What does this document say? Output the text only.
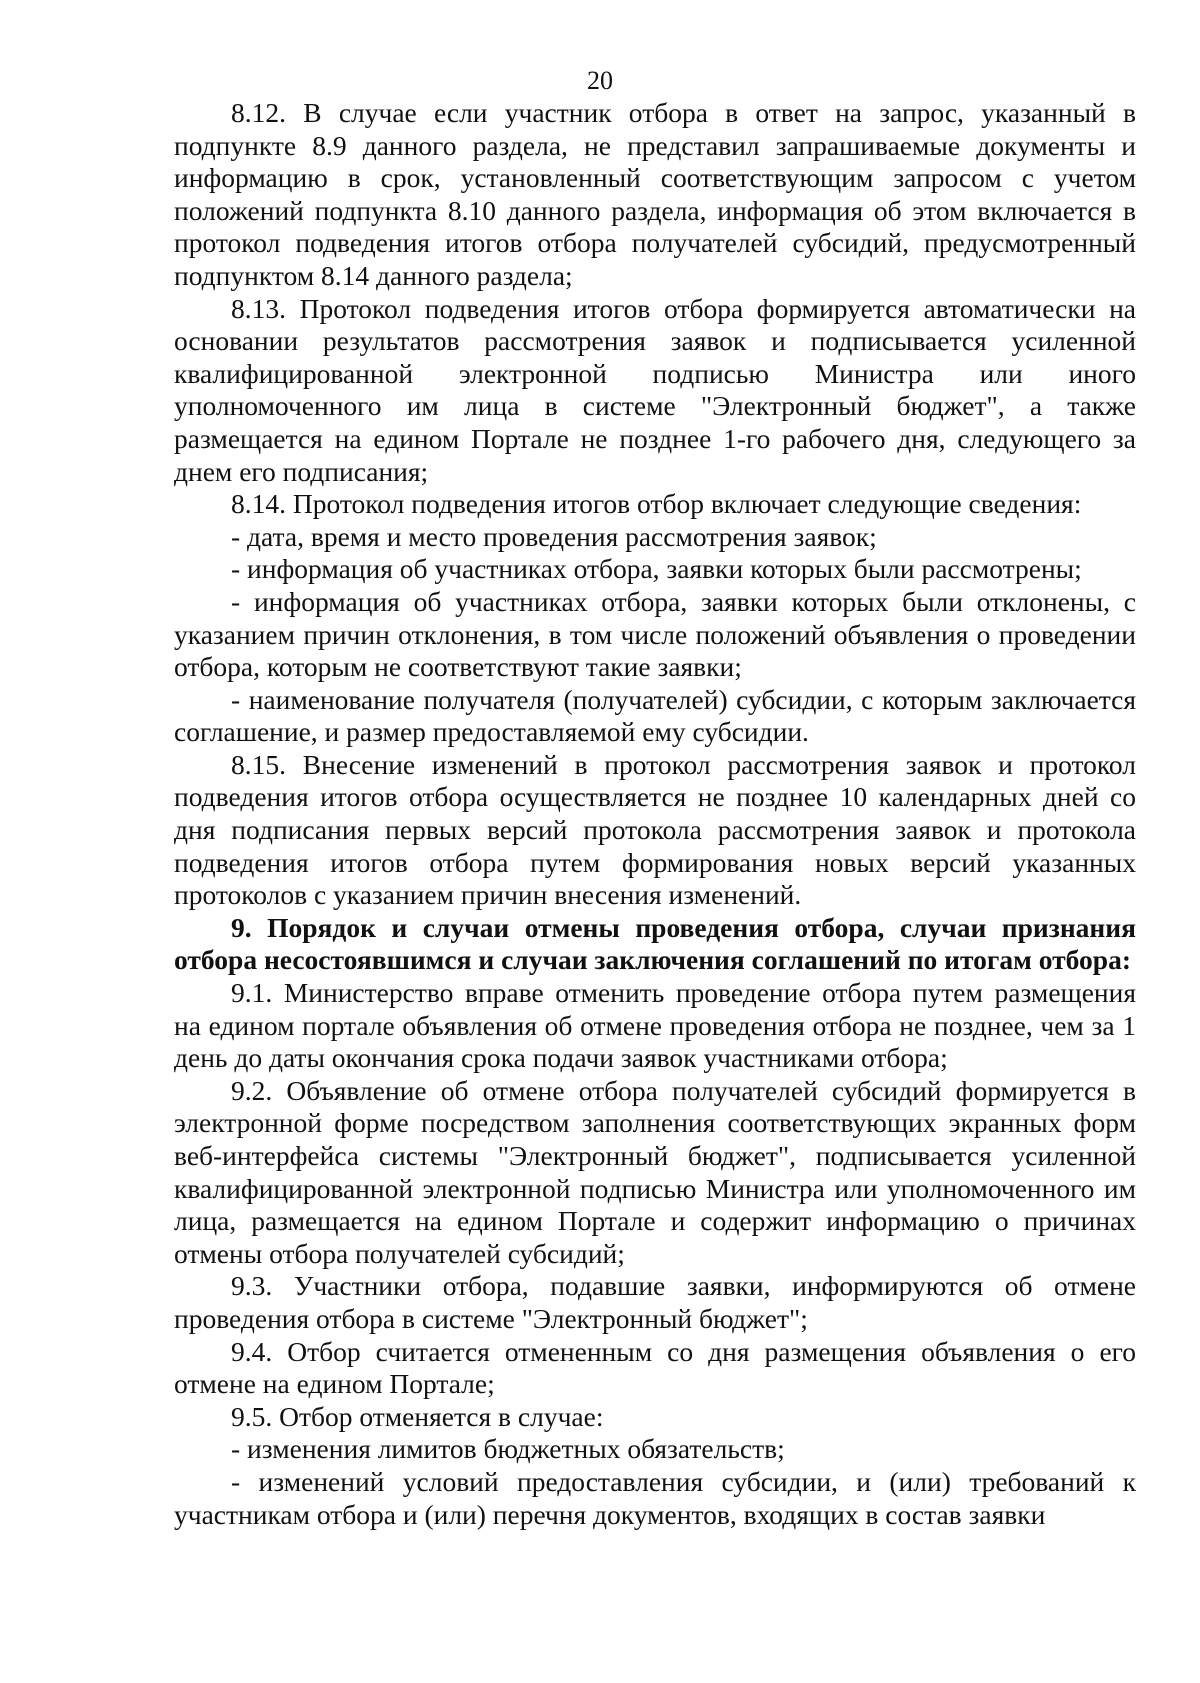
20

8.12. В случае если участник отбора в ответ на запрос, указанный в подпункте 8.9 данного раздела, не представил запрашиваемые документы и информацию в срок, установленный соответствующим запросом с учетом положений подпункта 8.10 данного раздела, информация об этом включается в протокол подведения итогов отбора получателей субсидий, предусмотренный подпунктом 8.14 данного раздела;

8.13. Протокол подведения итогов отбора формируется автоматически на основании результатов рассмотрения заявок и подписывается усиленной квалифицированной электронной подписью Министра или иного уполномоченного им лица в системе "Электронный бюджет", а также размещается на едином Портале не позднее 1-го рабочего дня, следующего за днем его подписания;

8.14. Протокол подведения итогов отбор включает следующие сведения:

- дата, время и место проведения рассмотрения заявок;

- информация об участниках отбора, заявки которых были рассмотрены;

- информация об участниках отбора, заявки которых были отклонены, с указанием причин отклонения, в том числе положений объявления о проведении отбора, которым не соответствуют такие заявки;

- наименование получателя (получателей) субсидии, с которым заключается соглашение, и размер предоставляемой ему субсидии.

8.15. Внесение изменений в протокол рассмотрения заявок и протокол подведения итогов отбора осуществляется не позднее 10 календарных дней со дня подписания первых версий протокола рассмотрения заявок и протокола подведения итогов отбора путем формирования новых версий указанных протоколов с указанием причин внесения изменений.

9. Порядок и случаи отмены проведения отбора, случаи признания отбора несостоявшимся и случаи заключения соглашений по итогам отбора:

9.1. Министерство вправе отменить проведение отбора путем размещения на едином портале объявления об отмене проведения отбора не позднее, чем за 1 день до даты окончания срока подачи заявок участниками отбора;

9.2. Объявление об отмене отбора получателей субсидий формируется в электронной форме посредством заполнения соответствующих экранных форм веб-интерфейса системы "Электронный бюджет", подписывается усиленной квалифицированной электронной подписью Министра или уполномоченного им лица, размещается на едином Портале и содержит информацию о причинах отмены отбора получателей субсидий;

9.3. Участники отбора, подавшие заявки, информируются об отмене проведения отбора в системе "Электронный бюджет";

9.4. Отбор считается отмененным со дня размещения объявления о его отмене на едином Портале;

9.5. Отбор отменяется в случае:

- изменения лимитов бюджетных обязательств;

- изменений условий предоставления субсидии, и (или) требований к участникам отбора и (или) перечня документов, входящих в состав заявки
